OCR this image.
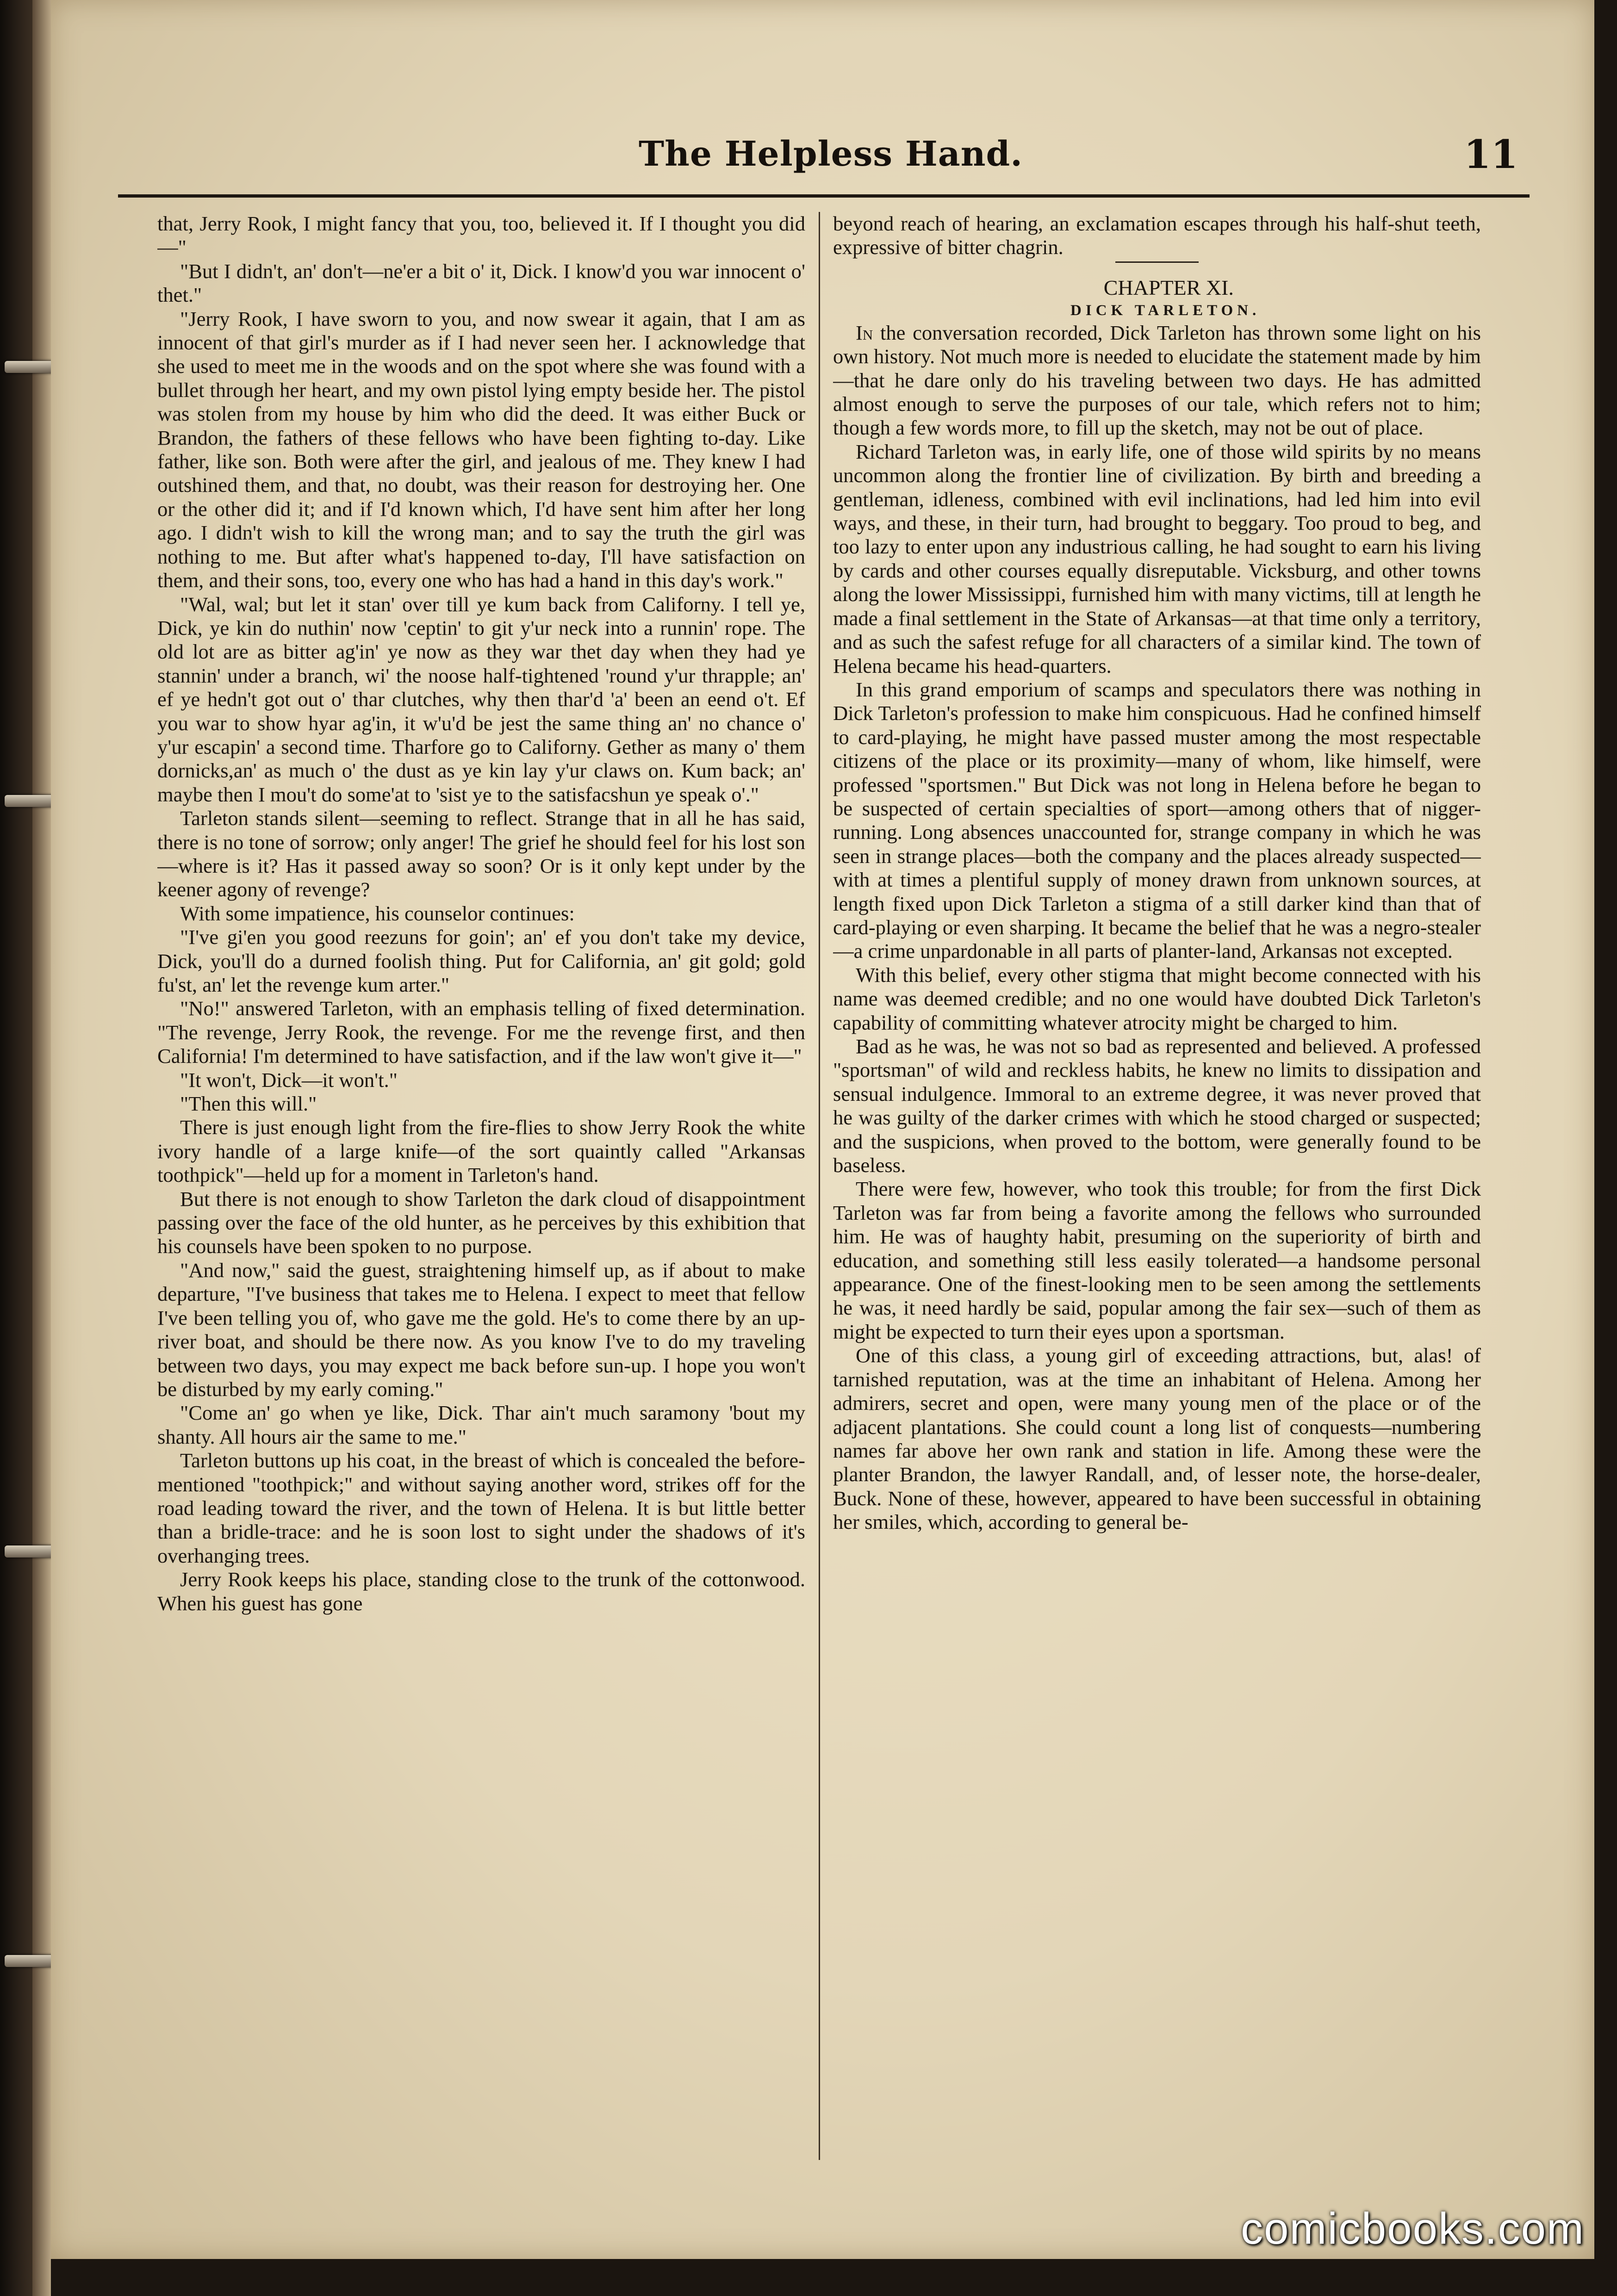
The Helpless Hand.	11

that, Jerry Rook, I might fancy that you, too, believed it. If I thought you did—"

"But I didn't, an' don't—ne'er a bit o' it, Dick. I know'd you war innocent o' thet."

"Jerry Rook, I have sworn to you, and now swear it again, that I am as innocent of that girl's murder as if I had never seen her. I acknowledge that she used to meet me in the woods and on the spot where she was found with a bullet through her heart, and my own pistol lying empty beside her. The pistol was stolen from my house by him who did the deed. It was either Buck or Brandon, the fathers of these fellows who have been fighting to-day. Like father, like son. Both were after the girl, and jealous of me. They knew I had outshined them, and that, no doubt, was their reason for destroying her. One or the other did it; and if I'd known which, I'd have sent him after her long ago. I didn't wish to kill the wrong man; and to say the truth the girl was nothing to me. But after what's happened to-day, I'll have satisfaction on them, and their sons, too, every one who has had a hand in this day's work."

"Wal, wal; but let it stan' over till ye kum back from Californy. I tell ye, Dick, ye kin do nuthin' now 'ceptin' to git y'ur neck into a runnin' rope. The old lot are as bitter ag'in' ye now as they war thet day when they had ye stannin' under a branch, wi' the noose half-tightened 'round y'ur thrapple; an' ef ye hedn't got out o' thar clutches, why then thar'd 'a' been an eend o't. Ef you war to show hyar ag'in, it w'u'd be jest the same thing an' no chance o' y'ur escapin' a second time. Tharfore go to Californy. Gether as many o' them dornicks,an' as much o' the dust as ye kin lay y'ur claws on. Kum back; an' maybe then I mou't do some'at to 'sist ye to the satisfacshun ye speak o'."

Tarleton stands silent—seeming to reflect. Strange that in all he has said, there is no tone of sorrow; only anger! The grief he should feel for his lost son—where is it? Has it passed away so soon? Or is it only kept under by the keener agony of revenge?

With some impatience, his counselor continues:

"I've gi'en you good reezuns for goin'; an' ef you don't take my device, Dick, you'll do a durned foolish thing. Put for California, an' git gold; gold fu'st, an' let the revenge kum arter."

"No!" answered Tarleton, with an emphasis telling of fixed determination. "The revenge, Jerry Rook, the revenge. For me the revenge first, and then California! I'm determined to have satisfaction, and if the law won't give it—"

"It won't, Dick—it won't."

"Then this will."

There is just enough light from the fire-flies to show Jerry Rook the white ivory handle of a large knife—of the sort quaintly called "Arkansas toothpick"—held up for a moment in Tarleton's hand.

But there is not enough to show Tarleton the dark cloud of disappointment passing over the face of the old hunter, as he perceives by this exhibition that his counsels have been spoken to no purpose.

"And now," said the guest, straightening himself up, as if about to make departure, "I've business that takes me to Helena. I expect to meet that fellow I've been telling you of, who gave me the gold. He's to come there by an up-river boat, and should be there now. As you know I've to do my traveling between two days, you may expect me back before sun-up. I hope you won't be disturbed by my early coming."

"Come an' go when ye like, Dick. Thar ain't much saramony 'bout my shanty. All hours air the same to me."

Tarleton buttons up his coat, in the breast of which is concealed the before-mentioned "toothpick;" and without saying another word, strikes off for the road leading toward the river, and the town of Helena. It is but little better than a bridle-trace: and he is soon lost to sight under the shadows of it's overhanging trees.

Jerry Rook keeps his place, standing close to the trunk of the cottonwood. When his guest has gone

beyond reach of hearing, an exclamation escapes through his half-shut teeth, expressive of bitter chagrin.

CHAPTER XI.

DICK TARLETON.

In the conversation recorded, Dick Tarleton has thrown some light on his own history. Not much more is needed to elucidate the statement made by him—that he dare only do his traveling between two days. He has admitted almost enough to serve the purposes of our tale, which refers not to him; though a few words more, to fill up the sketch, may not be out of place.

Richard Tarleton was, in early life, one of those wild spirits by no means uncommon along the frontier line of civilization. By birth and breeding a gentleman, idleness, combined with evil inclinations, had led him into evil ways, and these, in their turn, had brought to beggary. Too proud to beg, and too lazy to enter upon any industrious calling, he had sought to earn his living by cards and other courses equally disreputable. Vicksburg, and other towns along the lower Mississippi, furnished him with many victims, till at length he made a final settlement in the State of Arkansas—at that time only a territory, and as such the safest refuge for all characters of a similar kind. The town of Helena became his head-quarters.

In this grand emporium of scamps and speculators there was nothing in Dick Tarleton's profession to make him conspicuous. Had he confined himself to card-playing, he might have passed muster among the most respectable citizens of the place or its proximity—many of whom, like himself, were professed "sportsmen." But Dick was not long in Helena before he began to be suspected of certain specialties of sport—among others that of nigger-running. Long absences unaccounted for, strange company in which he was seen in strange places—both the company and the places already suspected—with at times a plentiful supply of money drawn from unknown sources, at length fixed upon Dick Tarleton a stigma of a still darker kind than that of card-playing or even sharping. It became the belief that he was a negro-stealer—a crime unpardonable in all parts of planter-land, Arkansas not excepted.

With this belief, every other stigma that might become connected with his name was deemed credible; and no one would have doubted Dick Tarleton's capability of committing whatever atrocity might be charged to him.

Bad as he was, he was not so bad as represented and believed. A professed "sportsman" of wild and reckless habits, he knew no limits to dissipation and sensual indulgence. Immoral to an extreme degree, it was never proved that he was guilty of the darker crimes with which he stood charged or suspected; and the suspicions, when proved to the bottom, were generally found to be baseless.

There were few, however, who took this trouble; for from the first Dick Tarleton was far from being a favorite among the fellows who surrounded him. He was of haughty habit, presuming on the superiority of birth and education, and something still less easily tolerated—a handsome personal appearance. One of the finest-looking men to be seen among the settlements he was, it need hardly be said, popular among the fair sex—such of them as might be expected to turn their eyes upon a sportsman.

One of this class, a young girl of exceeding attractions, but, alas! of tarnished reputation, was at the time an inhabitant of Helena. Among her admirers, secret and open, were many young men of the place or of the adjacent plantations. She could count a long list of conquests—numbering names far above her own rank and station in life. Among these were the planter Brandon, the lawyer Randall, and, of lesser note, the horse-dealer, Buck. None of these, however, appeared to have been successful in obtaining her smiles, which, according to general be-

comicbooks.com
